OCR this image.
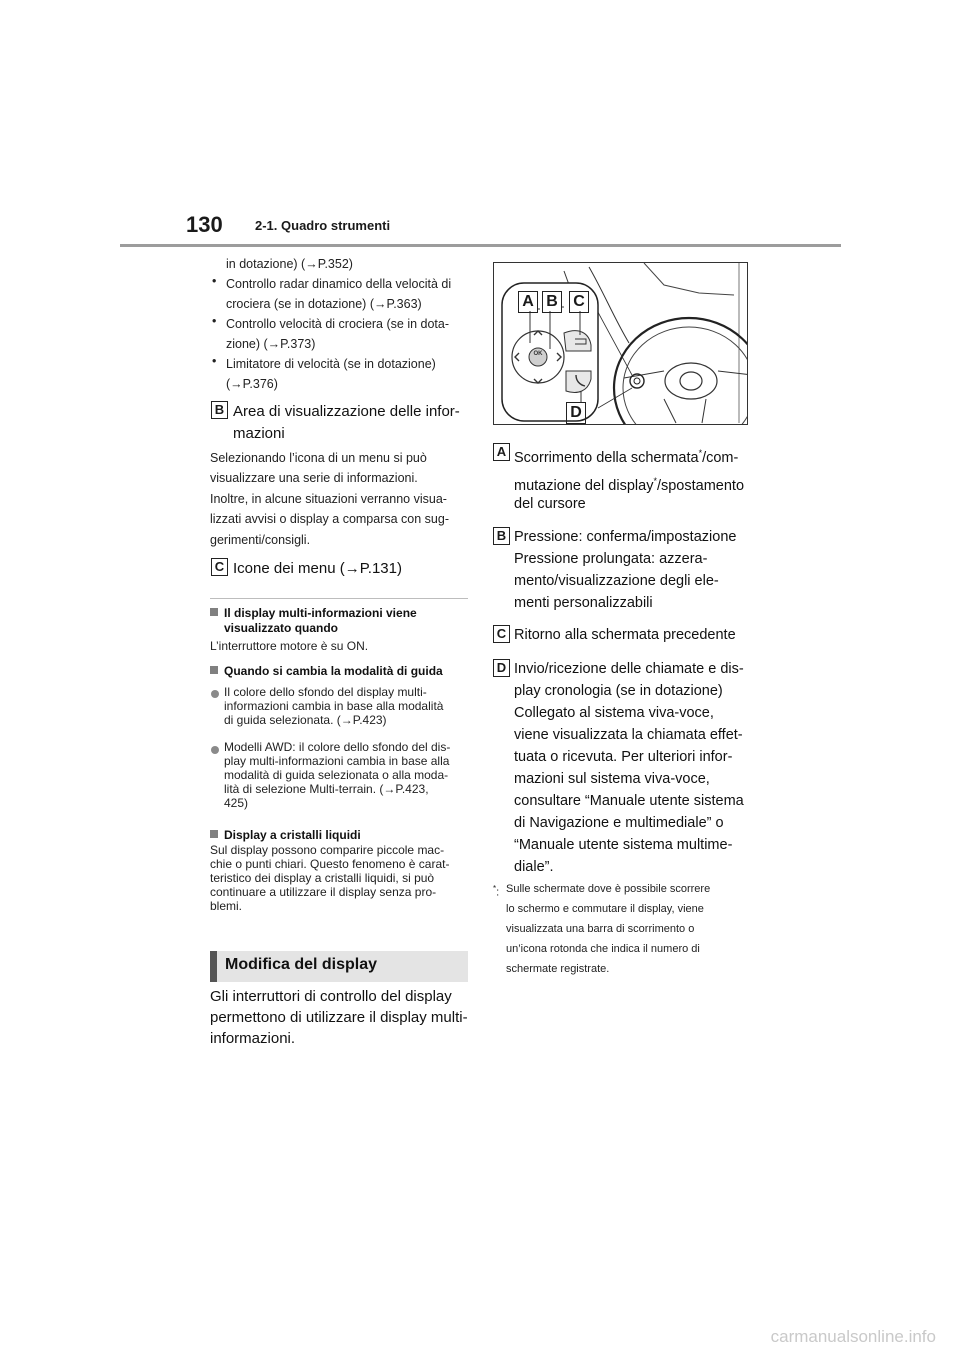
130 2-1. Quadro strumenti
in dotazione) (→P.352)
• Controllo radar dinamico della velocità di
crociera (se in dotazione) (→P.363)
• Controllo velocità di crociera (se in dota-
zione) (→P.373)
• Limitatore di velocità (se in dotazione)
(→P.376)
B Area di visualizzazione delle infor-
mazioni
Selezionando l’icona di un menu si può
visualizzare una serie di informazioni.
Inoltre, in alcune situazioni verranno visua-
lizzati avvisi o display a comparsa con sug-
gerimenti/consigli.
C Icone dei menu (→P.131)
Il display multi-informazioni viene
visualizzato quando
L’interruttore motore è su ON.
Quando si cambia la modalità di guida
Il colore dello sfondo del display multi-
informazioni cambia in base alla modalità
di guida selezionata. (→P.423)
Modelli AWD: il colore dello sfondo del dis-
play multi-informazioni cambia in base alla
modalità di guida selezionata o alla moda-
lità di selezione Multi-terrain. (→P.423,
425)
Display a cristalli liquidi
Sul display possono comparire piccole mac-
chie o punti chiari. Questo fenomeno è carat-
teristico dei display a cristalli liquidi, si può
continuare a utilizzare il display senza pro-
blemi.
Modifica del display
Gli interruttori di controllo del display
permettono di utilizzare il display multi-
informazioni.
A B C
D
OK
A Scorrimento della schermata*/com-
mutazione del display*/spostamento
del cursore
B Pressione: conferma/impostazione
Pressione prolungata: azzera-
mento/visualizzazione degli ele-
menti personalizzabili
C Ritorno alla schermata precedente
D Invio/ricezione delle chiamate e dis-
play cronologia (se in dotazione)
Collegato al sistema viva-voce,
viene visualizzata la chiamata effet-
tuata o ricevuta. Per ulteriori infor-
mazioni sul sistema viva-voce,
consultare “Manuale utente sistema
di Navigazione e multimediale” o
“Manuale utente sistema multime-
diale”.
*: Sulle schermate dove è possibile scorrere
lo schermo e commutare il display, viene
visualizzata una barra di scorrimento o
un’icona rotonda che indica il numero di
schermate registrate.
carmanualsonline.info
